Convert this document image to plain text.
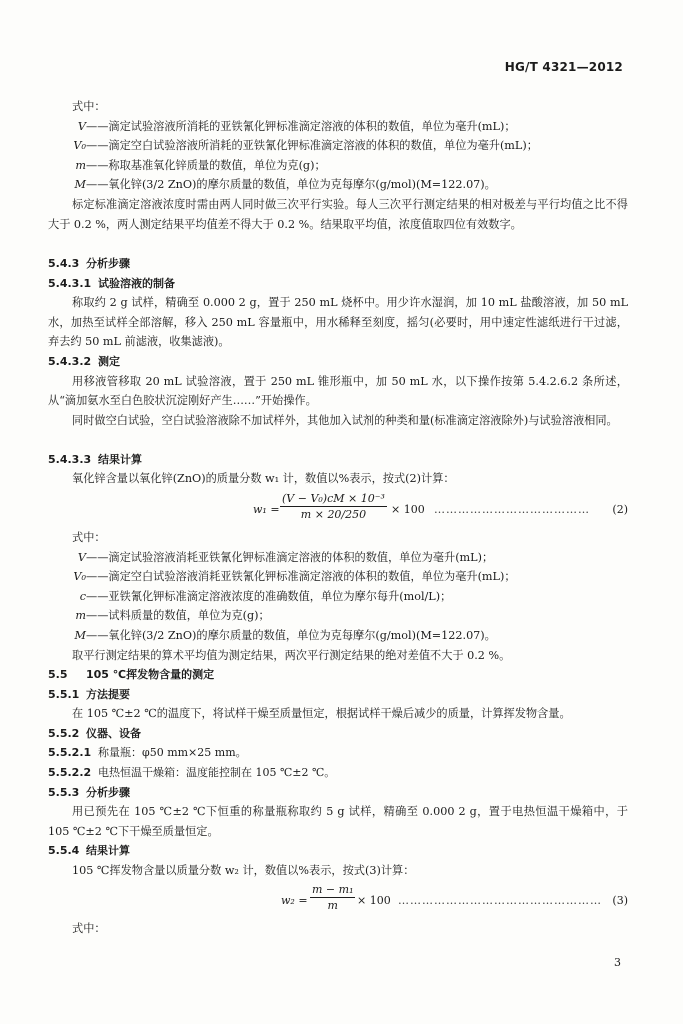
HG/T 4321—2012
式中：
V——滴定试验溶液所消耗的亚铁氰化钾标准滴定溶液的体积的数值，单位为毫升(mL)；
V₀——滴定空白试验溶液所消耗的亚铁氰化钾标准滴定溶液的体积的数值，单位为毫升(mL)；
m——称取基准氧化锌质量的数值，单位为克(g)；
M——氧化锌(3/2 ZnO)的摩尔质量的数值，单位为克每摩尔(g/mol)(M=122.07)。
标定标准滴定溶液浓度时需由两人同时做三次平行实验。每人三次平行测定结果的相对极差与平行均值之比不得大于 0.2 %，两人测定结果平均值差不得大于 0.2 %。结果取平均值，浓度值取四位有效数字。
5.4.3 分析步骤
5.4.3.1 试验溶液的制备
称取约 2 g 试样，精确至 0.000 2 g，置于 250 mL 烧杯中。用少许水湿润，加 10 mL 盐酸溶液，加 50 mL 水，加热至试样全部溶解，移入 250 mL 容量瓶中，用水稀释至刻度，摇匀(必要时，用中速定性滤纸进行干过滤，弃去约 50 mL 前滤液，收集滤液)。
5.4.3.2 测定
用移液管移取 20 mL 试验溶液，置于 250 mL 锥形瓶中，加 50 mL 水，以下操作按第 5.4.2.6.2 条所述，从“滴加氨水至白色胶状沉淀刚好产生……”开始操作。
同时做空白试验，空白试验溶液除不加试样外，其他加入试剂的种类和量(标准滴定溶液除外)与试验溶液相同。
5.4.3.3 结果计算
氧化锌含量以氧化锌(ZnO)的质量分数 w₁ 计，数值以%表示，按式(2)计算：
$w_1 = \frac{\text{(V − V₀)cM × 10⁻³}}{m \times 20/250} \times 100$ …………………………………	(2)
式中：
V——滴定试验溶液消耗亚铁氰化钾标准滴定溶液的体积的数值，单位为毫升(mL)；
V₀——滴定空白试验溶液消耗亚铁氰化钾标准滴定溶液的体积的数值，单位为毫升(mL)；
c——亚铁氰化钾标准滴定溶液浓度的准确数值，单位为摩尔每升(mol/L)；
m——试料质量的数值，单位为克(g)；
M——氧化锌(3/2 ZnO)的摩尔质量的数值，单位为克每摩尔(g/mol)(M=122.07)。
取平行测定结果的算术平均值为测定结果，两次平行测定结果的绝对差值不大于 0.2 %。
5.5 105 ℃挥发物含量的测定
5.5.1 方法提要
在 105 ℃±2 ℃的温度下，将试样干燥至质量恒定，根据试样干燥后减少的质量，计算挥发物含量。
5.5.2 仪器、设备
5.5.2.1 称量瓶：φ50 mm×25 mm。
5.5.2.2 电热恒温干燥箱：温度能控制在 105 ℃±2 ℃。
5.5.3 分析步骤
用已预先在 105 ℃±2 ℃下恒重的称量瓶称取约 5 g 试样，精确至 0.000 2 g，置于电热恒温干燥箱中，于 105 ℃±2 ℃下干燥至质量恒定。
5.5.4 结果计算
105 ℃挥发物含量以质量分数 w₂ 计，数值以%表示，按式(3)计算：
$w_2 = \frac{\text{m − m₁}}{m} \times 100$ …………………………………………… (3)
式中：
3
